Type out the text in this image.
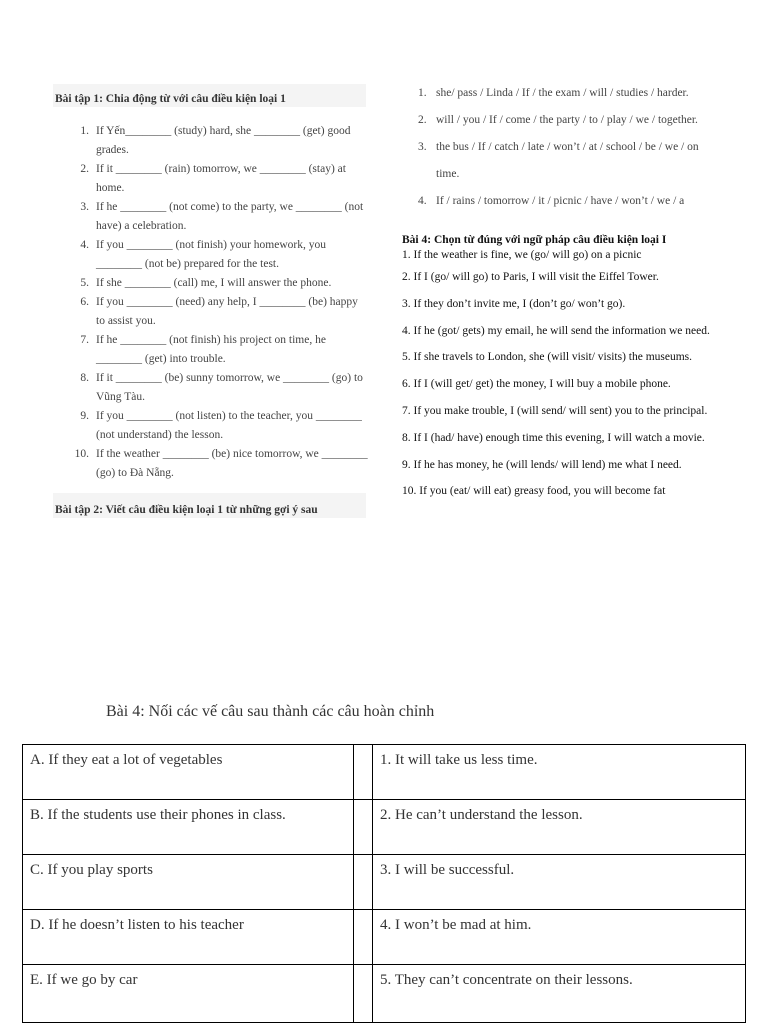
Bài tập 1: Chia động từ với câu điều kiện loại 1
1. If Yến________ (study) hard, she ________ (get) good grades.
2. If it ________ (rain) tomorrow, we ________ (stay) at home.
3. If he ________ (not come) to the party, we ________ (not have) a celebration.
4. If you ________ (not finish) your homework, you ________ (not be) prepared for the test.
5. If she ________ (call) me, I will answer the phone.
6. If you ________ (need) any help, I ________ (be) happy to assist you.
7. If he ________ (not finish) his project on time, he ________ (get) into trouble.
8. If it ________ (be) sunny tomorrow, we ________ (go) to Vũng Tàu.
9. If you ________ (not listen) to the teacher, you ________ (not understand) the lesson.
10. If the weather ________ (be) nice tomorrow, we ________ (go) to Đà Nẵng.
Bài tập 2: Viết câu điều kiện loại 1 từ những gợi ý sau
1. she/ pass / Linda / If / the exam / will / studies / harder.
2. will / you / If / come / the party / to / play / we / together.
3. the bus / If / catch / late / won’t / at / school / be / we / on time.
4. If / rains / tomorrow / it / picnic / have / won’t / we / a
Bài 4: Chọn từ đúng với ngữ pháp câu điều kiện loại I
1. If the weather is fine, we (go/ will go) on a picnic
2. If I (go/ will go) to Paris, I will visit the Eiffel Tower.
3. If they don’t invite me, I (don’t go/ won’t go).
4. If he (got/ gets) my email, he will send the information we need.
5. If she travels to London, she (will visit/ visits) the museums.
6. If I (will get/ get) the money, I will buy a mobile phone.
7. If you make trouble, I (will send/ will sent) you to the principal.
8. If I (had/ have) enough time this evening, I will watch a movie.
9. If he has money, he (will lends/ will lend) me what I need.
10. If you (eat/ will eat) greasy food, you will become fat
Bài 4: Nối các vế câu sau thành các câu hoàn chỉnh
A. If they eat a lot of vegetables		1. It will take us less time.
B. If the students use their phones in class.		2. He can’t understand the lesson.
C. If you play sports		3. I will be successful.
D. If he doesn’t listen to his teacher		4. I won’t be mad at him.
E. If we go by car		5. They can’t concentrate on their lessons.
